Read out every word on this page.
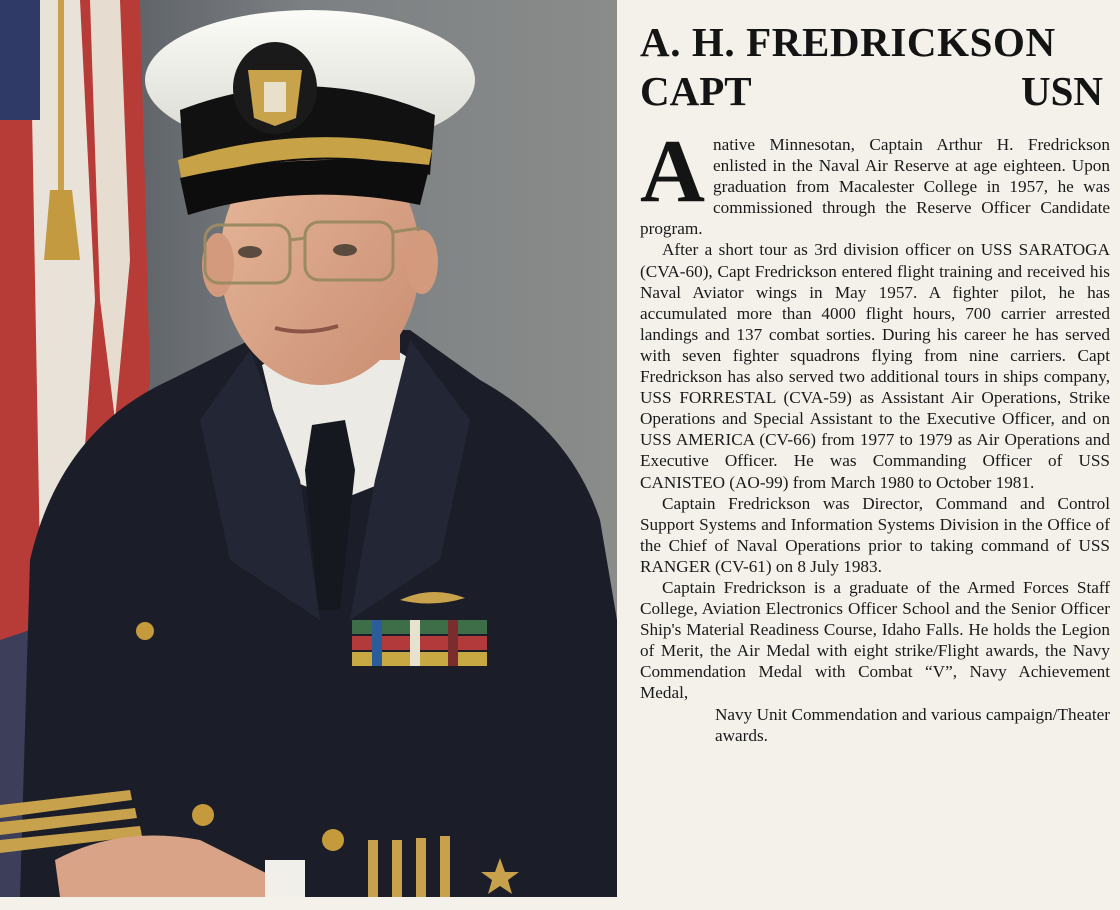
A. H. FREDRICKSON
CAPT	USN

Anative Minnesotan, Captain Arthur H. Fredrickson enlisted in the Naval Air Reserve at age eighteen. Upon graduation from Macalester College in 1957, he was commissioned through the Reserve Officer Candidate program.

After a short tour as 3rd division officer on USS SARATOGA (CVA-60), Capt Fredrickson entered flight training and received his Naval Aviator wings in May 1957. A fighter pilot, he has accumulated more than 4000 flight hours, 700 carrier arrested landings and 137 combat sorties. During his career he has served with seven fighter squadrons flying from nine carriers. Capt Fredrickson has also served two additional tours in ships company, USS FORRESTAL (CVA-59) as Assistant Air Operations, Strike Operations and Special Assistant to the Executive Officer, and on USS AMERICA (CV-66) from 1977 to 1979 as Air Operations and Executive Officer. He was Commanding Officer of USS CANISTEO (AO-99) from March 1980 to October 1981.

Captain Fredrickson was Director, Command and Control Support Systems and Information Systems Division in the Office of the Chief of Naval Operations prior to taking command of USS RANGER (CV-61) on 8 July 1983.

Captain Fredrickson is a graduate of the Armed Forces Staff College, Aviation Electronics Officer School and the Senior Officer Ship's Material Readiness Course, Idaho Falls. He holds the Legion of Merit, the Air Medal with eight strike/Flight awards, the Navy Commendation Medal with Combat “V”, Navy Achievement Medal,
Navy Unit Commendation and various campaign/Theater awards.
